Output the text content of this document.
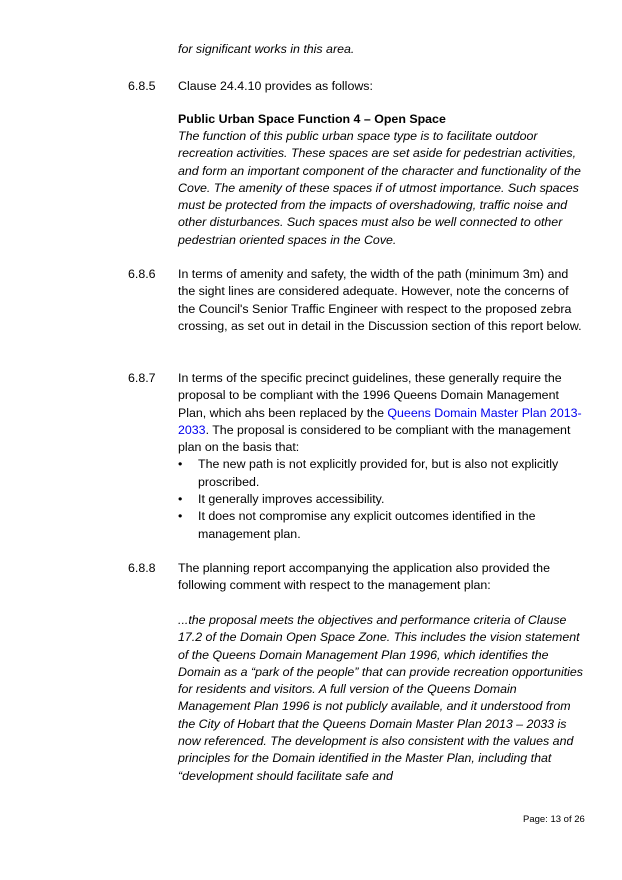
for significant works in this area.

6.8.5 Clause 24.4.10 provides as follows:

Public Urban Space Function 4 – Open Space

The function of this public urban space type is to facilitate outdoor recreation activities. These spaces are set aside for pedestrian activities, and form an important component of the character and functionality of the Cove. The amenity of these spaces if of utmost importance. Such spaces must be protected from the impacts of overshadowing, traffic noise and other disturbances. Such spaces must also be well connected to other pedestrian oriented spaces in the Cove.

6.8.6 In terms of amenity and safety, the width of the path (minimum 3m) and the sight lines are considered adequate. However, note the concerns of the Council's Senior Traffic Engineer with respect to the proposed zebra crossing, as set out in detail in the Discussion section of this report below.

6.8.7 In terms of the specific precinct guidelines, these generally require the proposal to be compliant with the 1996 Queens Domain Management Plan, which ahs been replaced by the Queens Domain Master Plan 2013-2033. The proposal is considered to be compliant with the management plan on the basis that:

• The new path is not explicitly provided for, but is also not explicitly proscribed.
• It generally improves accessibility.
• It does not compromise any explicit outcomes identified in the management plan.
6.8.8 The planning report accompanying the application also provided the following comment with respect to the management plan:

...the proposal meets the objectives and performance criteria of Clause 17.2 of the Domain Open Space Zone. This includes the vision statement of the Queens Domain Management Plan 1996, which identifies the Domain as a “park of the people” that can provide recreation opportunities for residents and visitors. A full version of the Queens Domain Management Plan 1996 is not publicly available, and it understood from the City of Hobart that the Queens Domain Master Plan 2013 – 2033 is now referenced. The development is also consistent with the values and principles for the Domain identified in the Master Plan, including that “development should facilitate safe and

Page: 13 of 26
